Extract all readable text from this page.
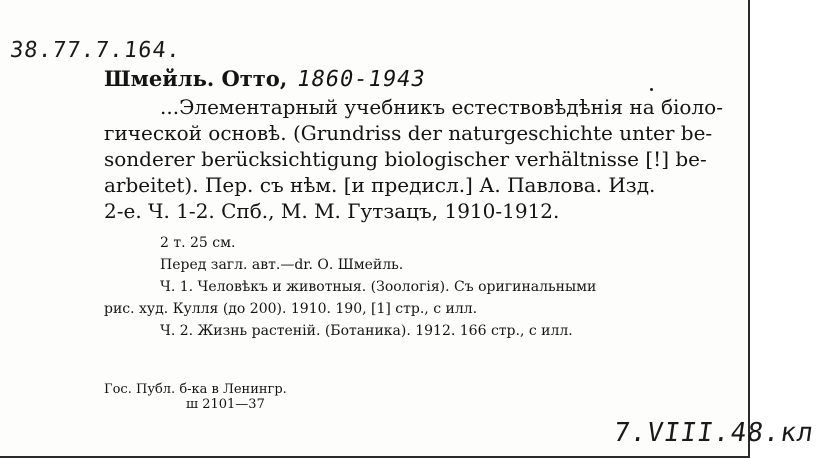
38.77.7.164.
Шмейль. Отто, 1860-1943
...Элементарный учебникъ естествовѣдѣнія на біоло-
гической основѣ. (Grundriss der naturgeschichte unter be-
sonderer berücksichtigung biologischer verhältnisse [!] be-
arbeitet). Пер. съ нѣм. [и предисл.] А. Павлова. Изд.
2-е. Ч. 1-2. Спб., М. М. Гутзацъ, 1910-1912.
2 т. 25 см.
Перед загл. авт.—dr. О. Шмейль.
Ч. 1. Человѣкъ и животныя. (Зоологія). Съ оригинальными
рис. худ. Кулля (до 200). 1910. 190, [1] стр., с илл.
Ч. 2. Жизнь растеній. (Ботаника). 1912. 166 стр., с илл.
Гос. Публ. б-ка в Ленингр.
ш 2101—37
7.VIII.48.кл
